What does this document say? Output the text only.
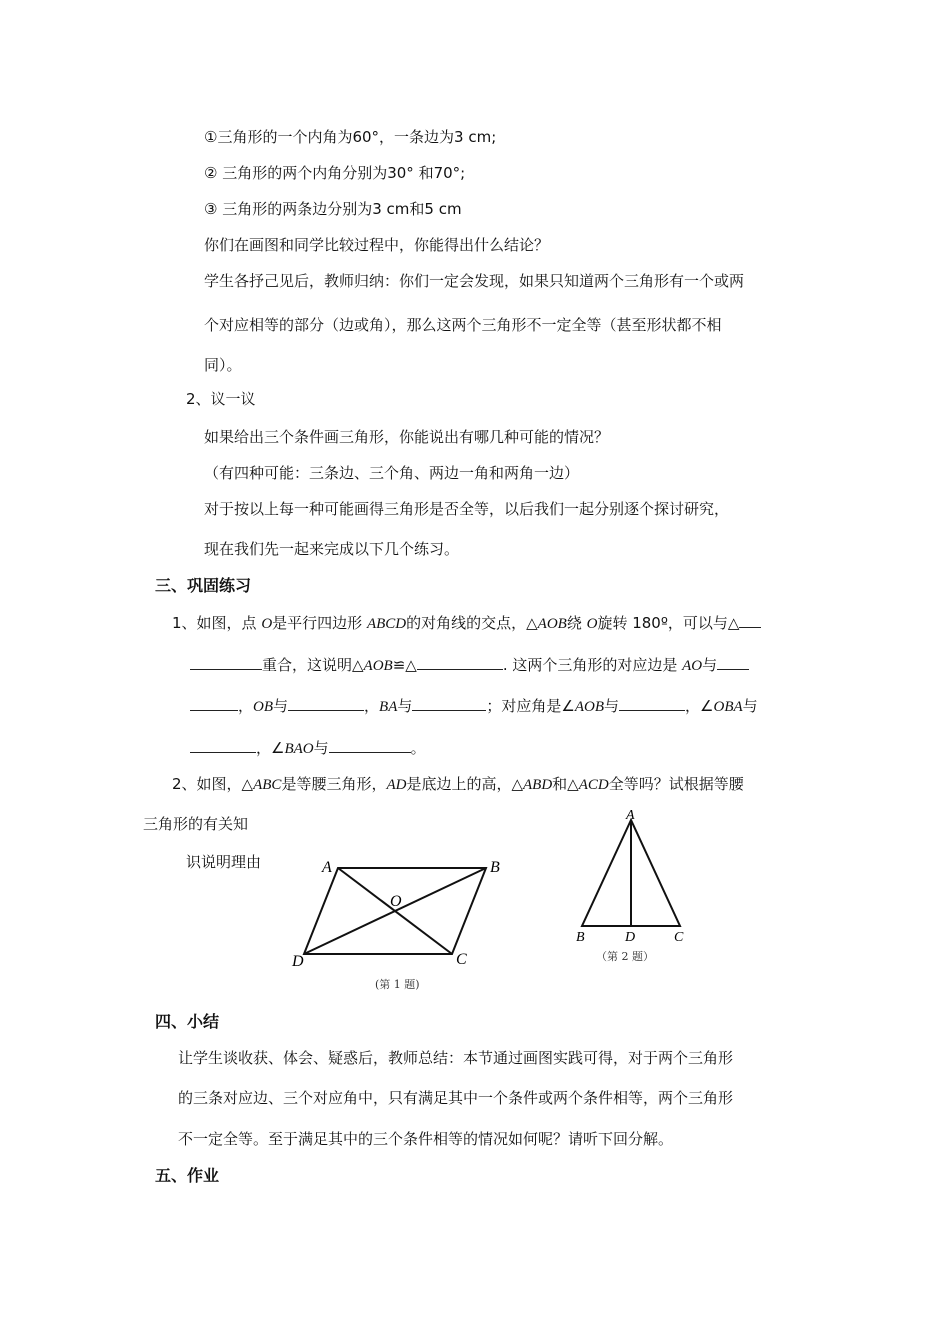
①三角形的一个内角为60°，一条边为3 cm;
② 三角形的两个内角分别为30° 和70°;
③ 三角形的两条边分别为3 cm和5 cm
你们在画图和同学比较过程中，你能得出什么结论？
学生各抒己见后，教师归纳：你们一定会发现，如果只知道两个三角形有一个或两
个对应相等的部分（边或角），那么这两个三角形不一定全等（甚至形状都不相
同）。
2、议一议
如果给出三个条件画三角形，你能说出有哪几种可能的情况？
（有四种可能：三条边、三个角、两边一角和两角一边）
对于按以上每一种可能画得三角形是否全等，以后我们一起分别逐个探讨研究，
现在我们先一起来完成以下几个练习。
三、巩固练习
1、如图，点 O是平行四边形 ABCD的对角线的交点，△AOB绕 O旋转 180º，可以与△
重合，这说明△AOB≌△	. 这两个三角形的对应边是 AO与
，OB与	，BA与	；对应角是∠AOB与	，∠OBA与
，∠BAO与	。
2、如图，△ABC是等腰三角形，AD是底边上的高，△ABD和△ACD全等吗？试根据等腰
三角形的有关知
识说明理由	A	B
C
D
O
(第 1 题)
A
B	D	C
（第 2 题）
四、小结
让学生谈收获、体会、疑惑后，教师总结：本节通过画图实践可得，对于两个三角形
的三条对应边、三个对应角中，只有满足其中一个条件或两个条件相等，两个三角形
不一定全等。至于满足其中的三个条件相等的情况如何呢？请听下回分解。
五、作业
